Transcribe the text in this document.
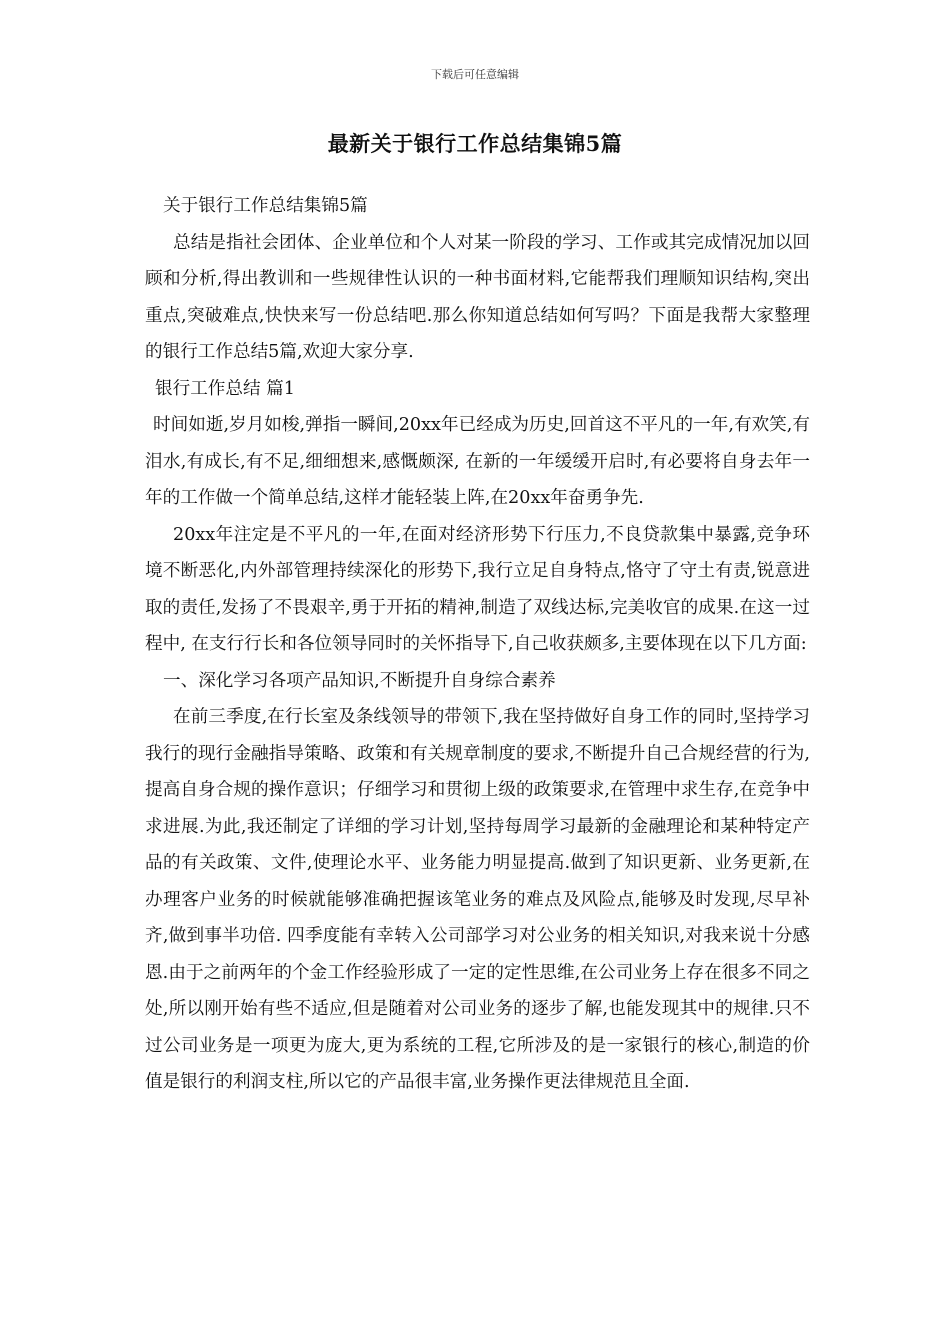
下载后可任意编辑
最新关于银行工作总结集锦5篇

关于银行工作总结集锦5篇

总结是指社会团体、企业单位和个人对某一阶段的学习、工作或其完成情况加以回顾和分析,得出教训和一些规律性认识的一种书面材料,它能帮我们理顺知识结构,突出重点,突破难点,快快来写一份总结吧.那么你知道总结如何写吗？下面是我帮大家整理的银行工作总结5篇,欢迎大家分享.

银行工作总结 篇1

时间如逝,岁月如梭,弹指一瞬间,20xx年已经成为历史,回首这不平凡的一年,有欢笑,有泪水,有成长,有不足,细细想来,感慨颇深, 在新的一年缓缓开启时,有必要将自身去年一年的工作做一个简单总结,这样才能轻装上阵,在20xx年奋勇争先.

20xx年注定是不平凡的一年,在面对经济形势下行压力,不良贷款集中暴露,竞争环境不断恶化,内外部管理持续深化的形势下,我行立足自身特点,恪守了守土有责,锐意进取的责任,发扬了不畏艰辛,勇于开拓的精神,制造了双线达标,完美收官的成果.在这一过程中, 在支行行长和各位领导同时的关怀指导下,自己收获颇多,主要体现在以下几方面:

一、深化学习各项产品知识,不断提升自身综合素养

在前三季度,在行长室及条线领导的带领下,我在坚持做好自身工作的同时,坚持学习我行的现行金融指导策略、政策和有关规章制度的要求,不断提升自己合规经营的行为,提高自身合规的操作意识；仔细学习和贯彻上级的政策要求,在管理中求生存,在竞争中求进展.为此,我还制定了详细的学习计划,坚持每周学习最新的金融理论和某种特定产品的有关政策、文件,使理论水平、业务能力明显提高.做到了知识更新、业务更新,在办理客户业务的时候就能够准确把握该笔业务的难点及风险点,能够及时发现,尽早补齐,做到事半功倍. 四季度能有幸转入公司部学习对公业务的相关知识,对我来说十分感恩.由于之前两年的个金工作经验形成了一定的定性思维,在公司业务上存在很多不同之处,所以刚开始有些不适应,但是随着对公司业务的逐步了解,也能发现其中的规律.只不过公司业务是一项更为庞大,更为系统的工程,它所涉及的是一家银行的核心,制造的价值是银行的利润支柱,所以它的产品很丰富,业务操作更法律规范且全面.
